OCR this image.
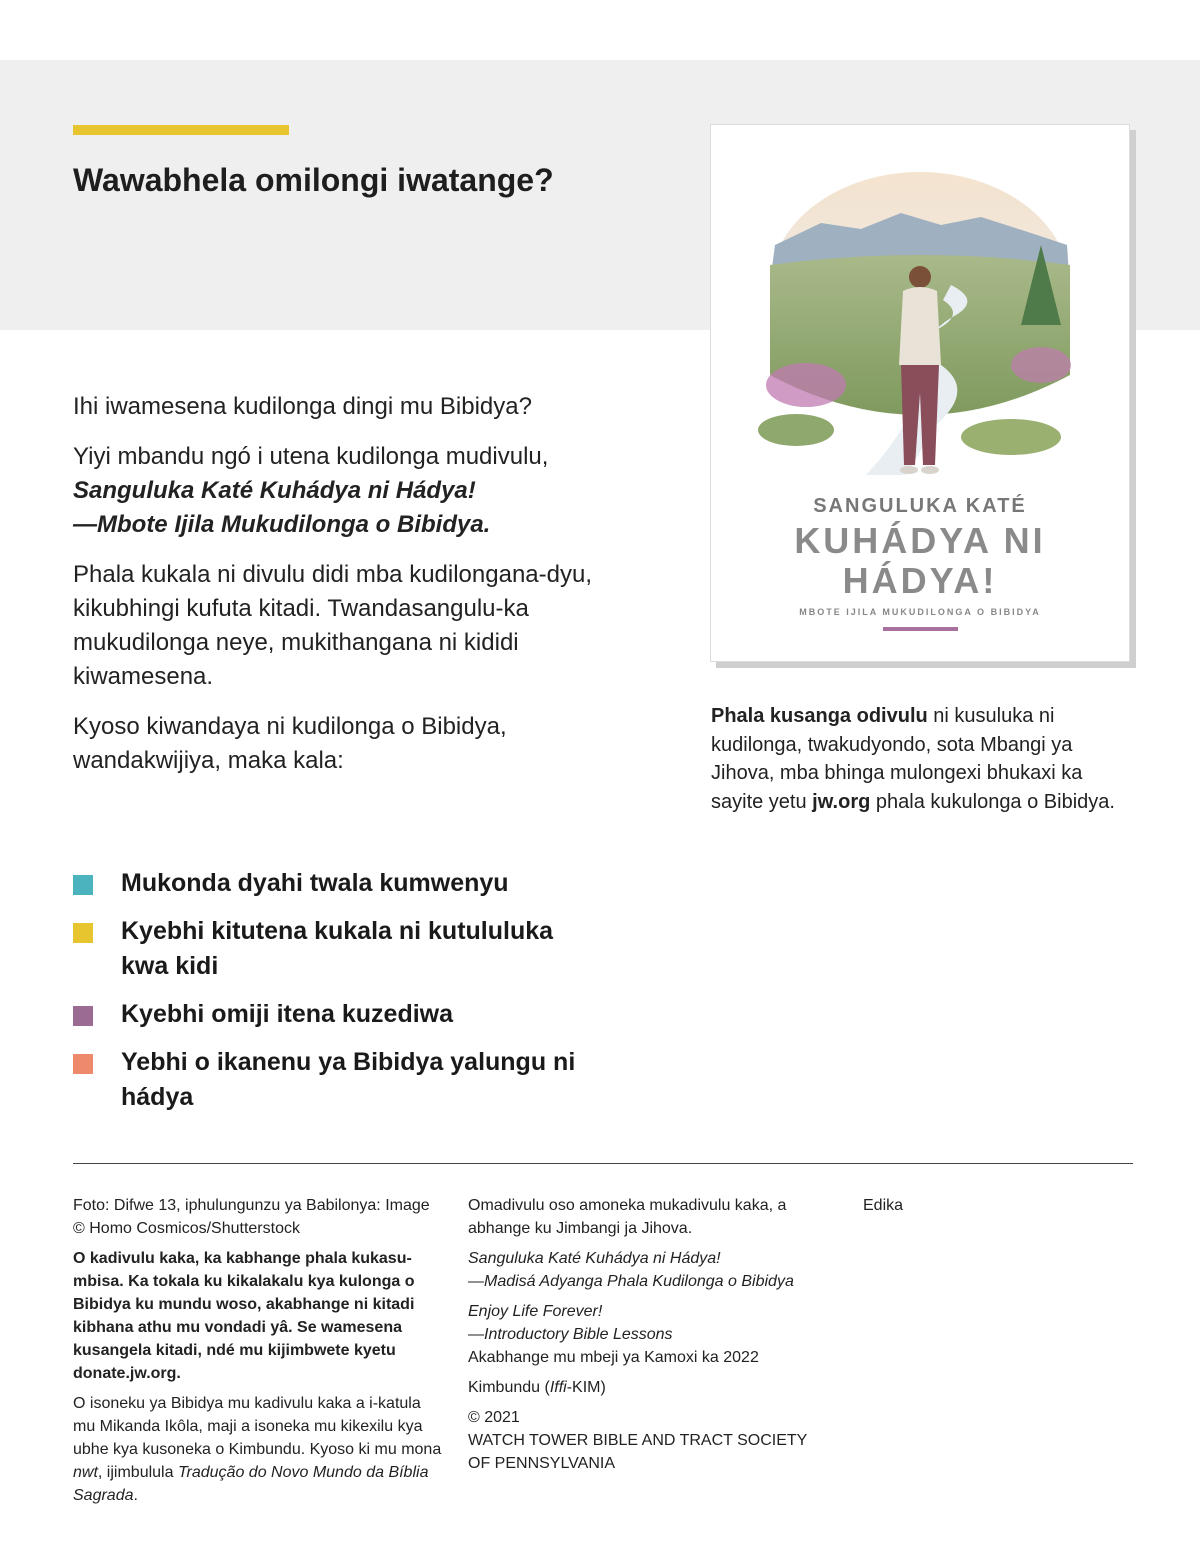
Wawabhela omilongi iwatange?

Ihi iwamesena kudilonga dingi mu Bibidya?

Yiyi mbandu ngó i utena kudilonga mudivulu,
Sanguluka Katé Kuhádya ni Hádya!
—Mbote Ijila Mukudilonga o Bibidya.

Phala kukala ni divulu didi mba kudilongana-dyu, kikubhingi kufuta kitadi. Twandasangulu-ka mukudilonga neye, mukithangana ni kididi kiwamesena.

Kyoso kiwandaya ni kudilonga o Bibidya, wandakwijiya, maka kala:

Mukonda dyahi twala kumwenyu
Kyebhi kitutena kukala ni kutululuka kwa kidi
Kyebhi omiji itena kuzediwa
Yebhi o ikanenu ya Bibidya yalungu ni hádya
SANGULUKA KATÉ
KUHÁDYA NI HÁDYA!
MBOTE IJILA MUKUDILONGA O BIBIDYA
Phala kusanga odivulu ni kusuluka ni kudilonga, twakudyondo, sota Mbangi ya Jihova, mba bhinga mulongexi bhukaxi ka sayite yetu jw.org phala kukulonga o Bibidya.

Foto: Difwe 13, iphulungunzu ya Babilonya: Image © Homo Cosmicos/Shutterstock

O kadivulu kaka, ka kabhange phala kukasu-mbisa. Ka tokala ku kikalakalu kya kulonga o Bibidya ku mundu woso, akabhange ni kitadi kibhana athu mu vondadi yâ. Se wamesena kusangela kitadi, ndé mu kijimbwete kyetu donate.jw.org.

O isoneku ya Bibidya mu kadivulu kaka a i-katula mu Mikanda Ikôla, maji a isoneka mu kikexilu kya ubhe kya kusoneka o Kimbundu. Kyoso ki mu mona nwt, ijimbulula Tradução do Novo Mundo da Bíblia Sagrada.

Omadivulu oso amoneka mukadivulu kaka, a abhange ku Jimbangi ja Jihova.

Sanguluka Katé Kuhádya ni Hádya!
—Madisá Adyanga Phala Kudilonga o Bibidya

Enjoy Life Forever!
—Introductory Bible Lessons
Akabhange mu mbeji ya Kamoxi ka 2022

Kimbundu (Iffi-KIM)

© 2021
WATCH TOWER BIBLE AND TRACT SOCIETY
OF PENNSYLVANIA

Edika
